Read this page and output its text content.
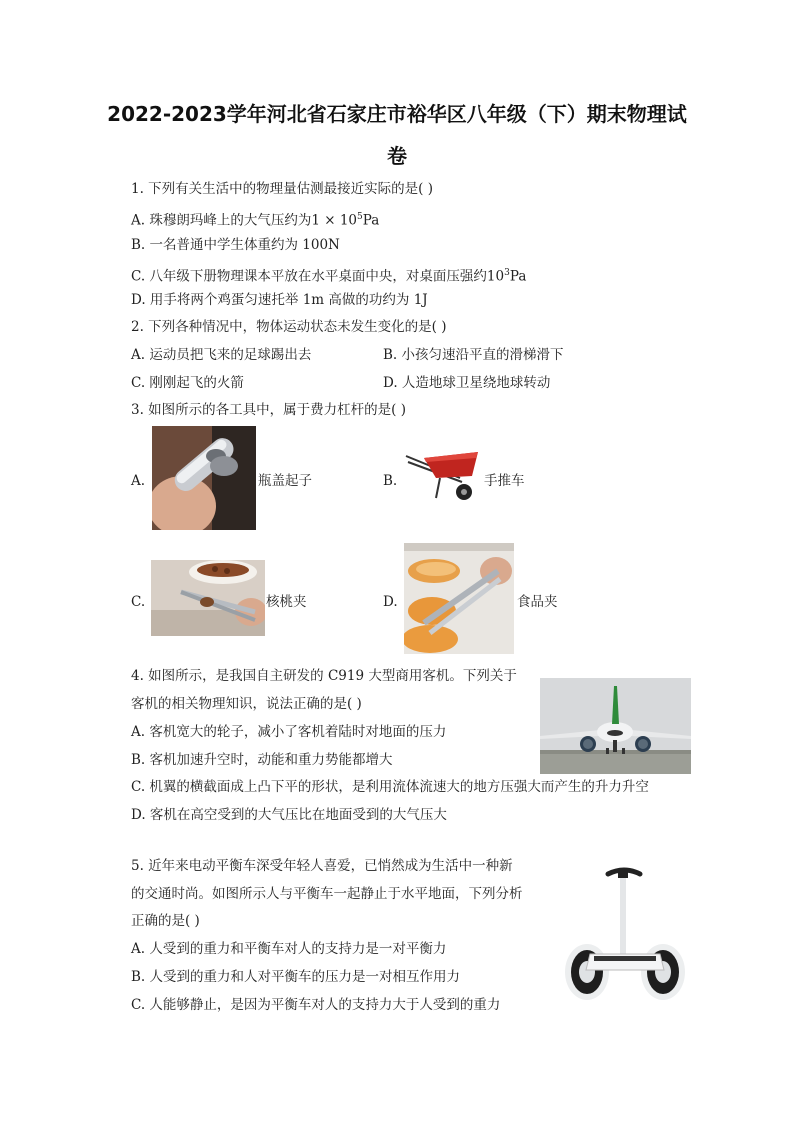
2022-2023学年河北省石家庄市裕华区八年级（下）期末物理试
卷
1. 下列有关生活中的物理量估测最接近实际的是( )
A. 珠穆朗玛峰上的大气压约为$1 \times 10^5Pa$
B. 一名普通中学生体重约为 100N
C. 八年级下册物理课本平放在水平桌面中央，对桌面压强约$10^3Pa$
D. 用手将两个鸡蛋匀速托举 1m 高做的功约为 1J
2. 下列各种情况中，物体运动状态未发生变化的是( )
A. 运动员把飞来的足球踢出去	B. 小孩匀速沿平直的滑梯滑下
C. 刚刚起飞的火箭	D. 人造地球卫星绕地球转动
3. 如图所示的各工具中，属于费力杠杆的是( )
A.	瓶盖起子	B.	手推车
C.	核桃夹	D.	食品夹
4. 如图所示，是我国自主研发的 C919 大型商用客机。下列关于
客机的相关物理知识，说法正确的是( )
A. 客机宽大的轮子，减小了客机着陆时对地面的压力
B. 客机加速升空时，动能和重力势能都增大
C. 机翼的横截面成上凸下平的形状，是利用流体流速大的地方压强大而产生的升力升空
D. 客机在高空受到的大气压比在地面受到的大气压大
5. 近年来电动平衡车深受年轻人喜爱，已悄然成为生活中一种新
的交通时尚。如图所示人与平衡车一起静止于水平地面，下列分析
正确的是( )
A. 人受到的重力和平衡车对人的支持力是一对平衡力
B. 人受到的重力和人对平衡车的压力是一对相互作用力
C. 人能够静止，是因为平衡车对人的支持力大于人受到的重力
